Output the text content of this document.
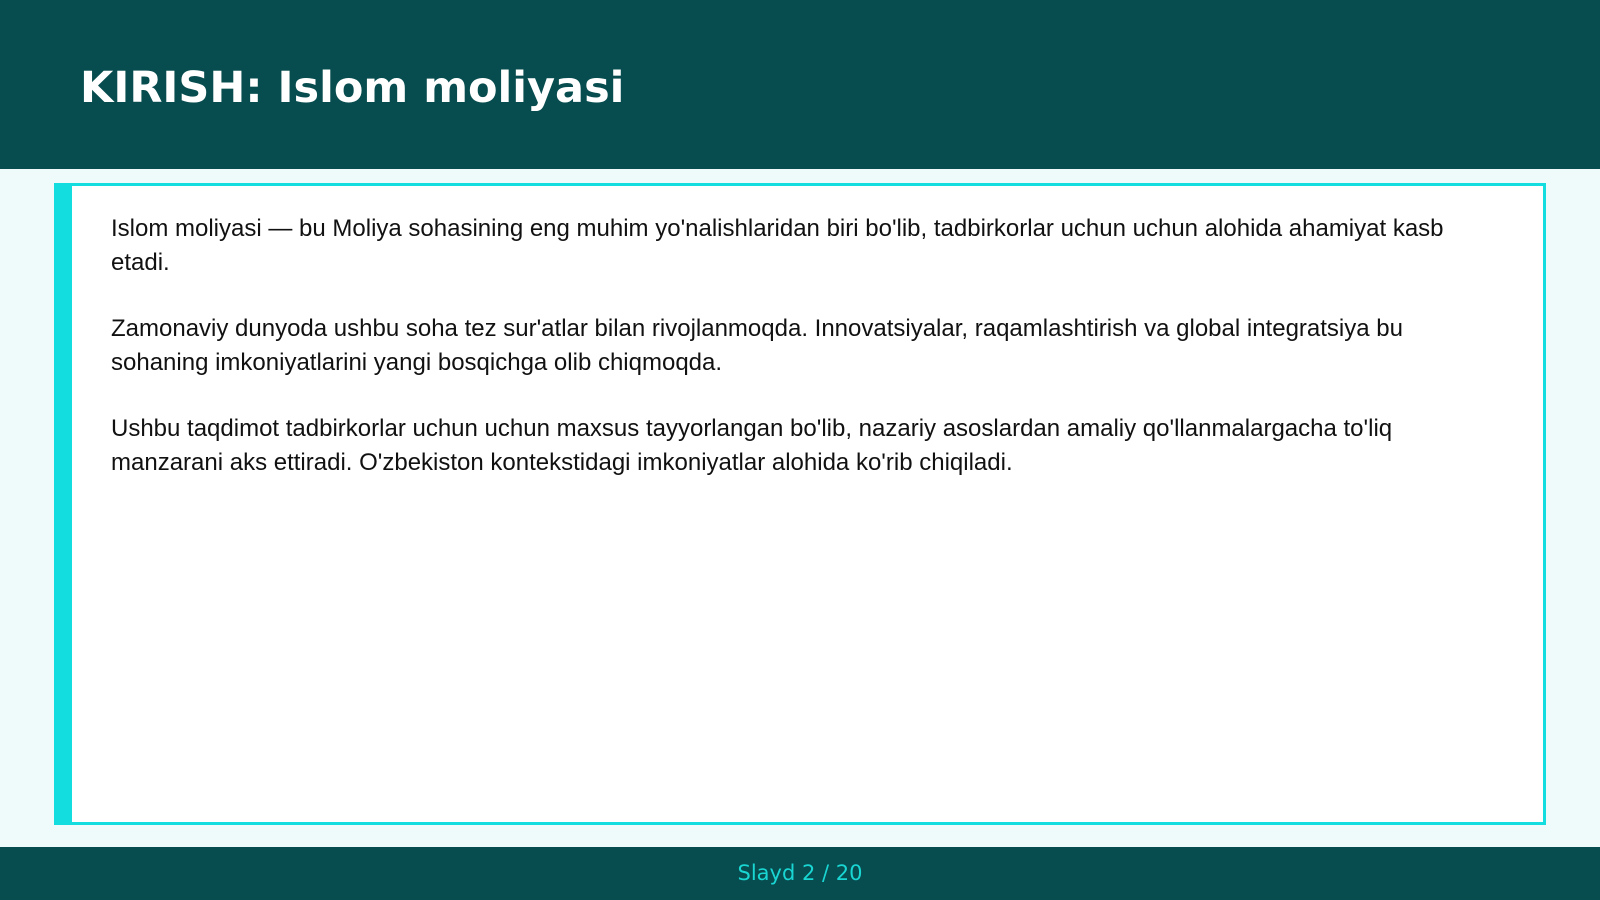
KIRISH: Islom moliyasi

Islom moliyasi — bu Moliya sohasining eng muhim yo'nalishlaridan biri bo'lib, tadbirkorlar uchun uchun alohida ahamiyat kasb etadi.

Zamonaviy dunyoda ushbu soha tez sur'atlar bilan rivojlanmoqda. Innovatsiyalar, raqamlashtirish va global integratsiya bu sohaning imkoniyatlarini yangi bosqichga olib chiqmoqda.

Ushbu taqdimot tadbirkorlar uchun uchun maxsus tayyorlangan bo'lib, nazariy asoslardan amaliy qo'llanmalargacha to'liq manzarani aks ettiradi. O'zbekiston kontekstidagi imkoniyatlar alohida ko'rib chiqiladi.

Slayd 2 / 20
